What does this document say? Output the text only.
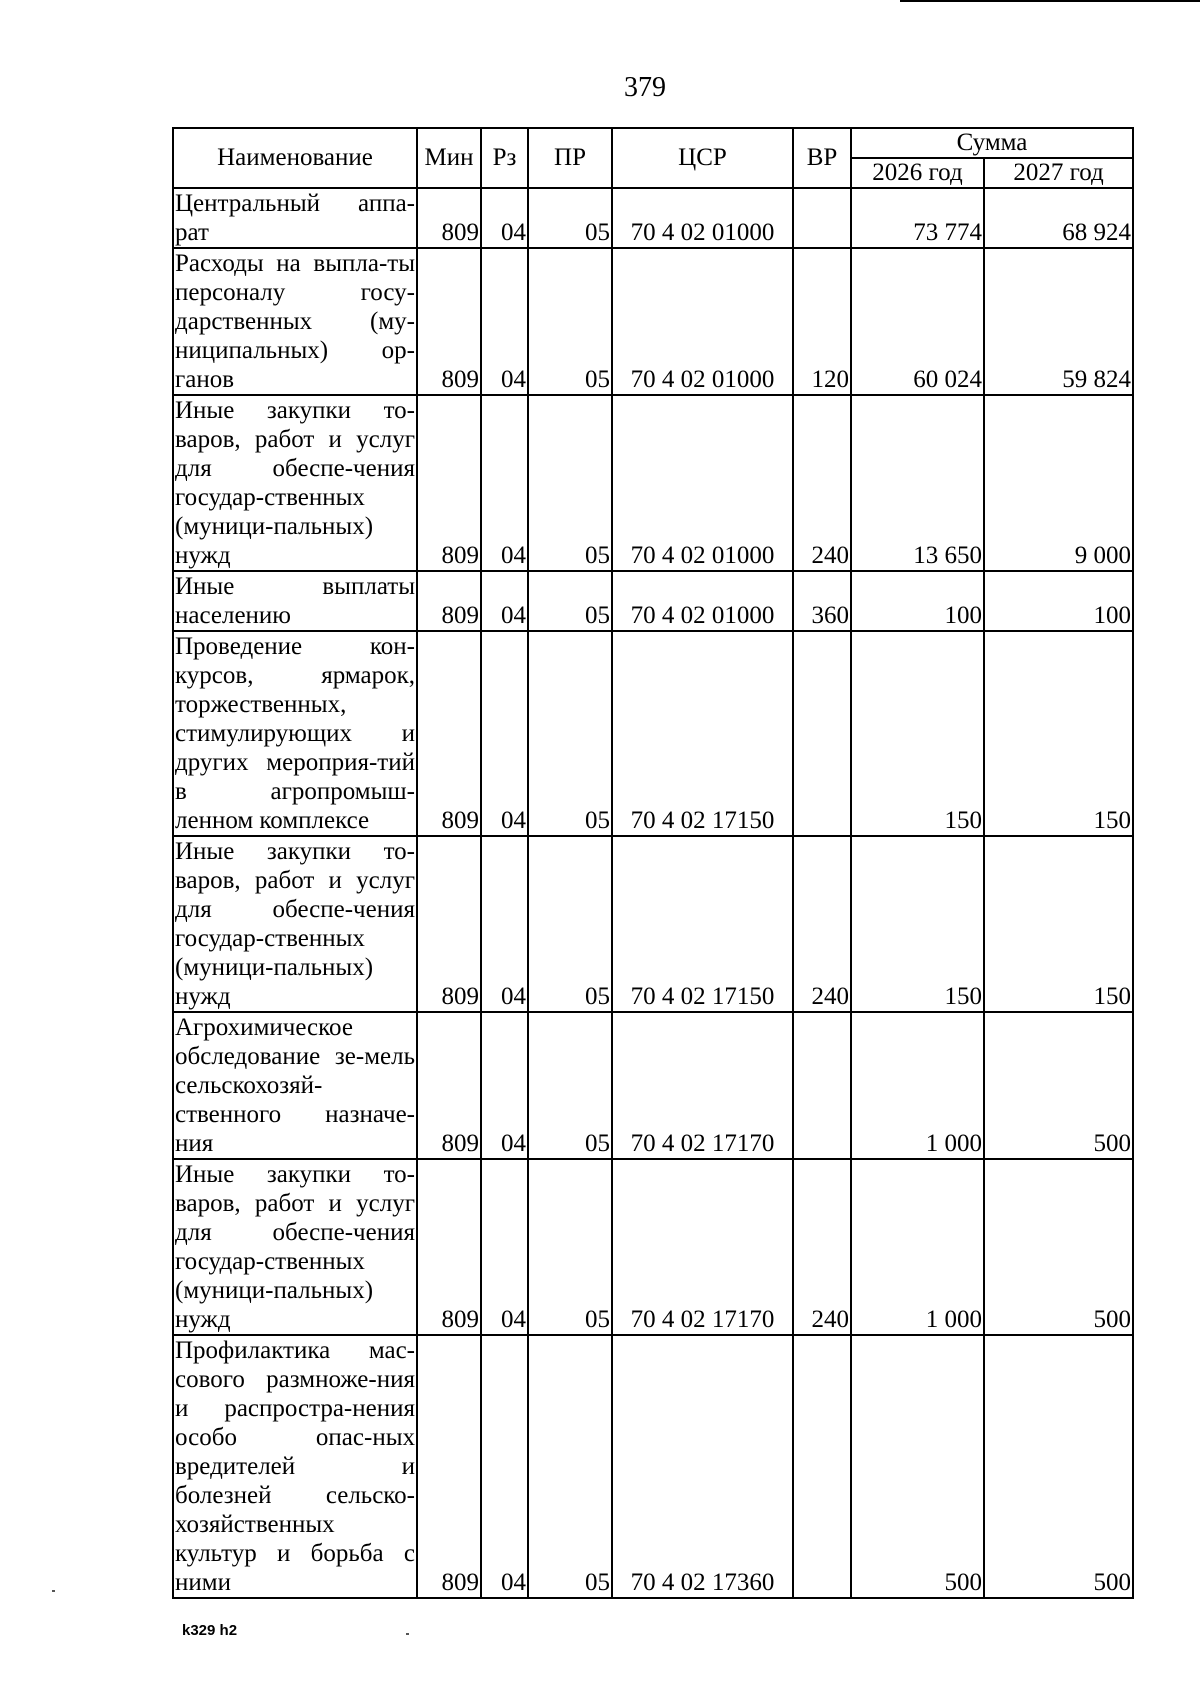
379
Наименование	Мин	Рз	ПР	ЦСР	ВР	Сумма	
						2026 год	2027 год
Центральный аппа-рат	809	04	05	70 4 02 01000		73 774	68 924
Расходы на выпла-ты персоналу госу-дарственных (му-ниципальных) ор-ганов	809	04	05	70 4 02 01000	120	60 024	59 824
Иные закупки то-варов, работ и услуг для обеспе-чения государ-ственных (муници-пальных) нужд	809	04	05	70 4 02 01000	240	13 650	9 000
Иные выплаты населению	809	04	05	70 4 02 01000	360	100	100
Проведение кон-курсов, ярмарок, торжественных, стимулирующих и других мероприя-тий в агропромыш-ленном комплексе	809	04	05	70 4 02 17150		150	150
Иные закупки то-варов, работ и услуг для обеспе-чения государ-ственных (муници-пальных) нужд	809	04	05	70 4 02 17150	240	150	150
Агрохимическое обследование зе-мель сельскохозяй-ственного назначе-ния	809	04	05	70 4 02 17170		1 000	500
Иные закупки то-варов, работ и услуг для обеспе-чения государ-ственных (муници-пальных) нужд	809	04	05	70 4 02 17170	240	1 000	500
Профилактика мас-сового размноже-ния и распростра-нения особо опас-ных вредителей и болезней сельско-хозяйственных культур и борьба с ними	809	04	05	70 4 02 17360		500	500
k329 h2
